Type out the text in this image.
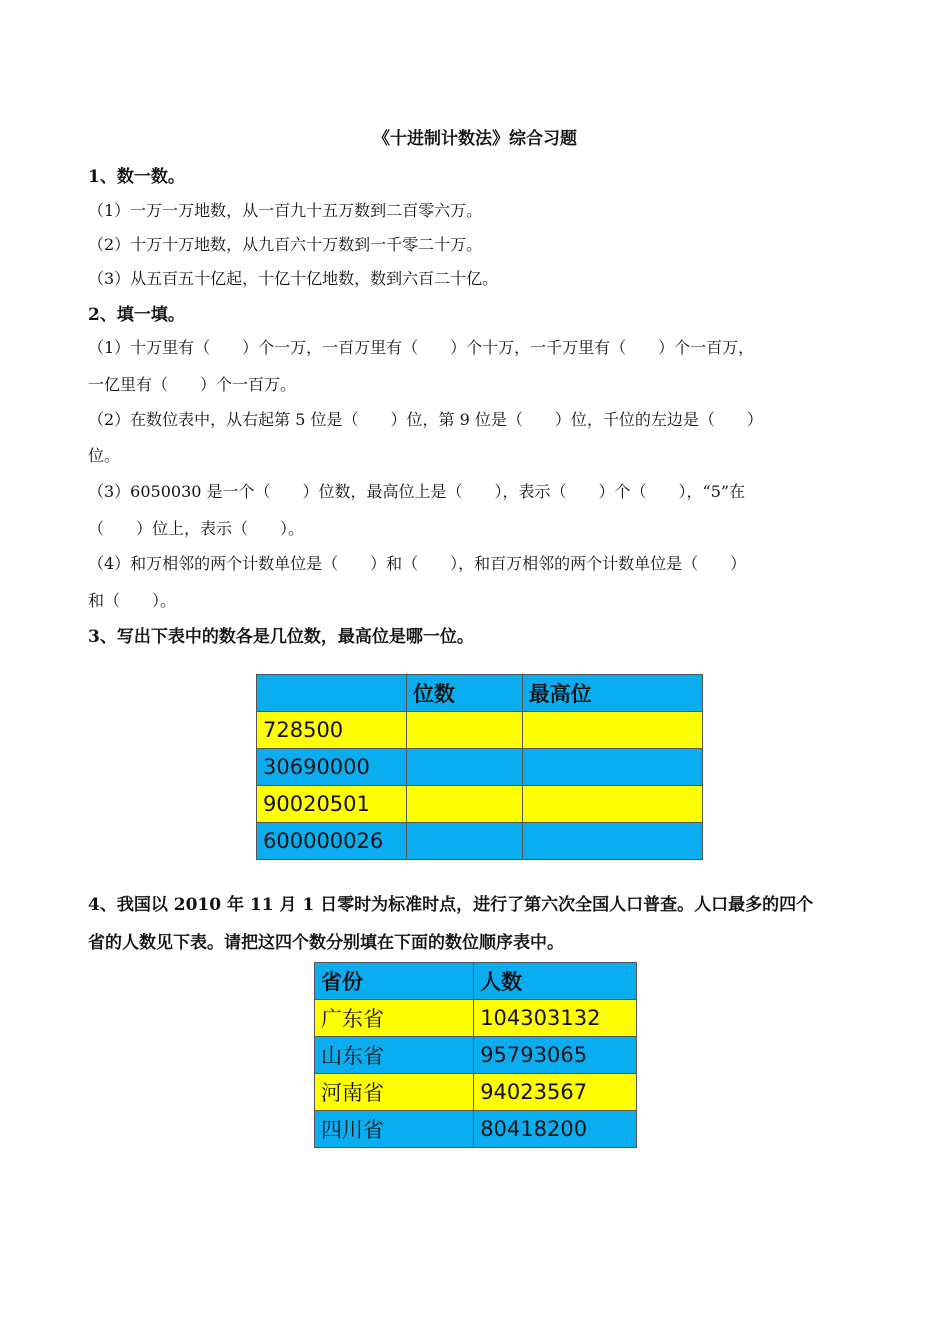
《十进制计数法》综合习题
1、数一数。
（1）一万一万地数，从一百九十五万数到二百零六万。
（2）十万十万地数，从九百六十万数到一千零二十万。
（3）从五百五十亿起，十亿十亿地数，数到六百二十亿。
2、填一填。
（1）十万里有（　　）个一万，一百万里有（　　）个十万，一千万里有（　　）个一百万，
一亿里有（　　）个一百万。
（2）在数位表中，从右起第 5 位是（　　）位，第 9 位是（　　）位，千位的左边是（　　）
位。
（3）6050030 是一个（　　）位数，最高位上是（　　），表示（　　）个（　　），“5”在
（　　）位上，表示（　　）。
（4）和万相邻的两个计数单位是（　　）和（　　），和百万相邻的两个计数单位是（　　）
和（　　）。
3、写出下表中的数各是几位数，最高位是哪一位。
	位数	最高位
728500		
30690000		
90020501		
600000026		
4、我国以 2010 年 11 月 1 日零时为标准时点，进行了第六次全国人口普查。人口最多的四个
省的人数见下表。请把这四个数分别填在下面的数位顺序表中。
省份	人数
广东省	104303132
山东省	95793065
河南省	94023567
四川省	80418200
